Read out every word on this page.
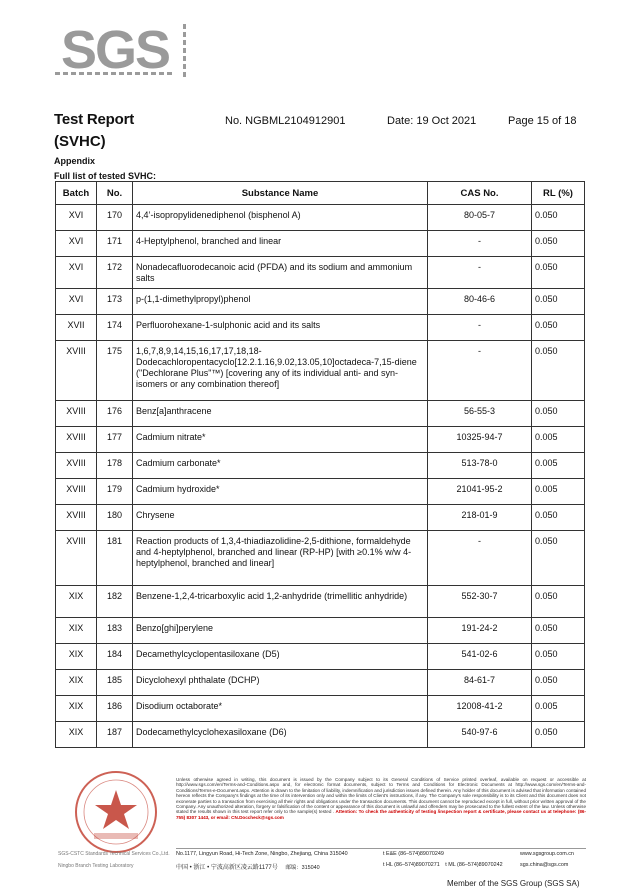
SGS
Test Report
(SVHC)
No. NGBML2104912901	Date: 19 Oct 2021	Page 15 of 18
Appendix
Full list of tested SVHC:
Batch	No.	Substance Name	CAS No.	RL (%)
XVI	170	4,4’-isopropylidenediphenol (bisphenol A)	80-05-7	0.050
XVI	171	4-Heptylphenol, branched and linear	-	0.050
XVI	172	Nonadecafluorodecanoic acid (PFDA) and its sodium and ammonium salts	-	0.050
XVI	173	p-(1,1-dimethylpropyl)phenol	80-46-6	0.050
XVII	174	Perfluorohexane-1-sulphonic acid and its salts	-	0.050
XVIII	175	1,6,7,8,9,14,15,16,17,17,18,18-Dodecachloropentacyclo[12.2.1.16,9.02,13.05,10]octadeca-7,15-diene ("Dechlorane Plus"™) [covering any of its individual anti- and syn-isomers or any combination thereof]	-	0.050
XVIII	176	Benz[a]anthracene	56-55-3	0.050
XVIII	177	Cadmium nitrate*	10325-94-7	0.005
XVIII	178	Cadmium carbonate*	513-78-0	0.005
XVIII	179	Cadmium hydroxide*	21041-95-2	0.005
XVIII	180	Chrysene	218-01-9	0.050
XVIII	181	Reaction products of 1,3,4-thiadiazolidine-2,5-dithione, formaldehyde and 4-heptylphenol, branched and linear (RP-HP) [with ≥0.1% w/w 4-heptylphenol, branched and linear]	-	0.050
XIX	182	Benzene-1,2,4-tricarboxylic acid 1,2-anhydride (trimellitic anhydride)	552-30-7	0.050
XIX	183	Benzo[ghi]perylene	191-24-2	0.050
XIX	184	Decamethylcyclopentasiloxane (D5)	541-02-6	0.050
XIX	185	Dicyclohexyl phthalate (DCHP)	84-61-7	0.050
XIX	186	Disodium octaborate*	12008-41-2	0.005
XIX	187	Dodecamethylcyclohexasiloxane (D6)	540-97-6	0.050
SGS-CSTC Standards Technical Services Co.,Ltd.
Ningbo Branch Testing Laboratory
Unless otherwise agreed in writing, this document is issued by the Company subject to its General Conditions of Service printed overleaf, available on request or accessible at http://www.sgs.com/en/Terms-and-Conditions.aspx and, for electronic format documents, subject to Terms and Conditions for Electronic Documents at http://www.sgs.com/en/Terms-and-Conditions/Terms-e-Document.aspx. Attention is drawn to the limitation of liability, indemnification and jurisdiction issues defined therein. Any holder of this document is advised that information contained hereon reflects the Company's findings at the time of its intervention only and within the limits of Client's instructions, if any. The Company's sole responsibility is to its Client and this document does not exonerate parties to a transaction from exercising all their rights and obligations under the transaction documents. This document cannot be reproduced except in full, without prior written approval of the Company. Any unauthorized alteration, forgery or falsification of the content or appearance of this document is unlawful and offenders may be prosecuted to the fullest extent of the law. Unless otherwise stated the results shown in this test report refer only to the sample(s) tested . Attention: To check the authenticity of testing /inspection report & certificate, please contact us at telephone: (86-755) 8307 1443, or email: CN.Doccheck@sgs.com
No.1177, Lingyun Road, Hi-Tech Zone, Ningbo, Zhejiang, China 315040	t E&E (86–574)89070249	www.sgsgroup.com.cn
中国 • 浙江 • 宁波高新区凌云路1177号 邮编：315040	t HL (86–574)89070271 t ML (86–574)89070242	sgs.china@sgs.com
Member of the SGS Group (SGS SA)
